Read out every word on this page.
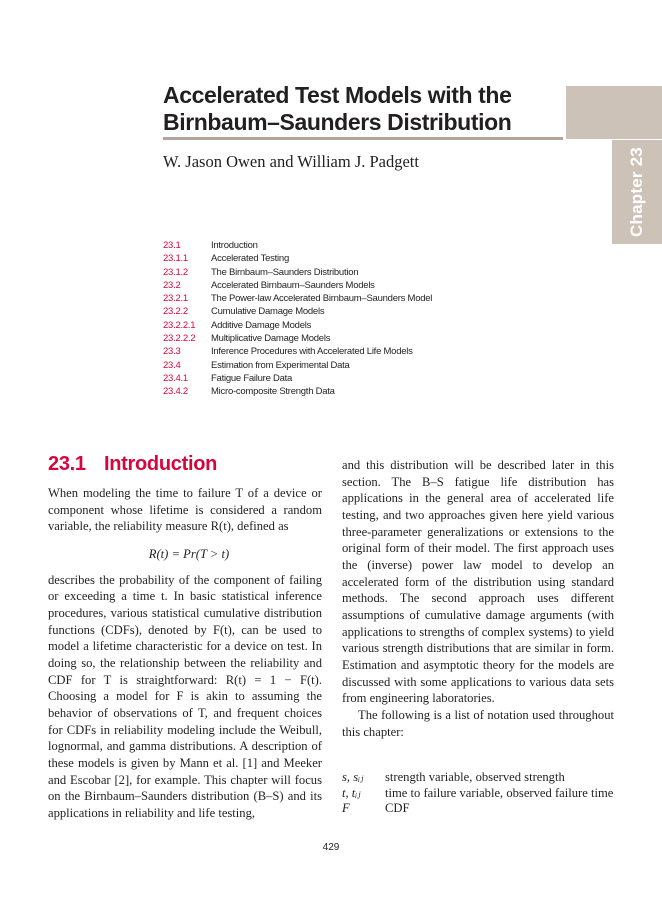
Chapter 23
Accelerated Test Models with the
Birnbaum–Saunders Distribution
W. Jason Owen and William J. Padgett
23.1	Introduction
23.1.1	Accelerated Testing
23.1.2	The Birnbaum–Saunders Distribution
23.2	Accelerated Birnbaum–Saunders Models
23.2.1	The Power-law Accelerated Birnbaum–Saunders Model
23.2.2	Cumulative Damage Models
23.2.2.1	Additive Damage Models
23.2.2.2	Multiplicative Damage Models
23.3	Inference Procedures with Accelerated Life Models
23.4	Estimation from Experimental Data
23.4.1	Fatigue Failure Data
23.4.2	Micro-composite Strength Data
23.1 Introduction

When modeling the time to failure T of a device or component whose lifetime is considered a random variable, the reliability measure R(t), defined as

R(t) = Pr(T > t)

describes the probability of the component of failing or exceeding a time t. In basic statistical inference procedures, various statistical cumulative distribution functions (CDFs), denoted by F(t), can be used to model a lifetime characteristic for a device on test. In doing so, the relationship between the reliability and CDF for T is straightforward: R(t) = 1 − F(t). Choosing a model for F is akin to assuming the behavior of observations of T, and frequent choices for CDFs in reliability modeling include the Weibull, lognormal, and gamma distributions. A description of these models is given by Mann et al. [1] and Meeker and Escobar [2], for example. This chapter will focus on the Birnbaum–Saunders distribution (B–S) and its applications in reliability and life testing,

and this distribution will be described later in this section. The B–S fatigue life distribution has applications in the general area of accelerated life testing, and two approaches given here yield various three-parameter generalizations or extensions to the original form of their model. The first approach uses the (inverse) power law model to develop an accelerated form of the distribution using standard methods. The second approach uses different assumptions of cumulative damage arguments (with applications to strengths of complex systems) to yield various strength distributions that are similar in form. Estimation and asymptotic theory for the models are discussed with some applications to various data sets from engineering laboratories.

The following is a list of notation used throughout this chapter:

s, sᵢⱼ	strength variable, observed strength
t, tᵢⱼ	time to failure variable, observed failure time
F	CDF
429
